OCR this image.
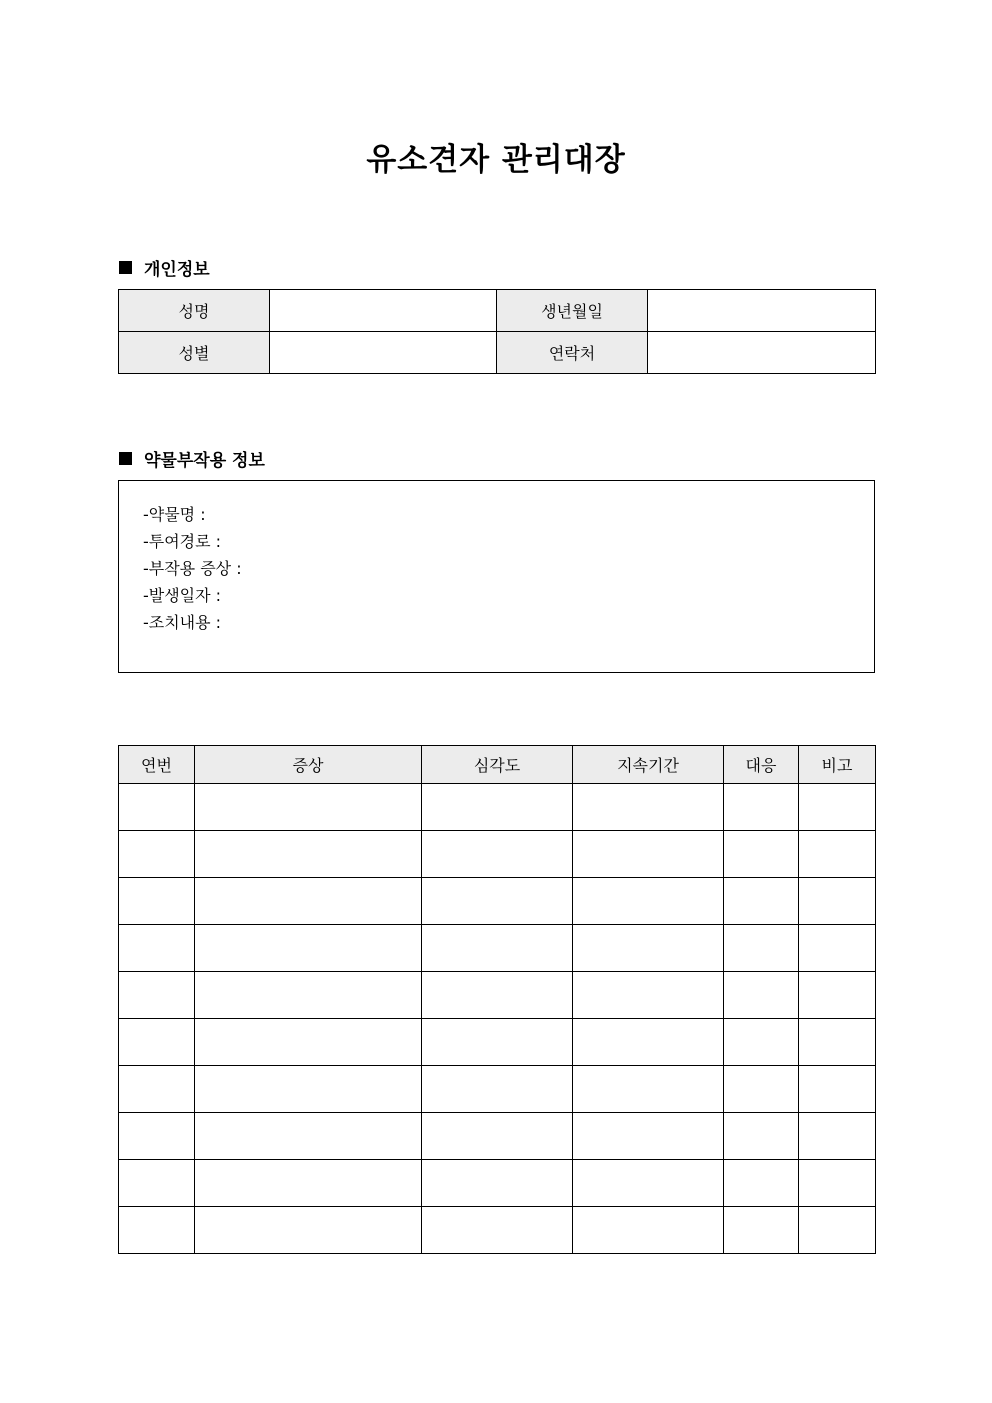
유소견자 관리대장
개인정보
성명		생년월일	
성별		연락처	
약물부작용 정보
-약물명 :
-투여경로 :
-부작용 증상 :
-발생일자 :
-조치내용 :
연번	증상	심각도	지속기간	대응	비고
